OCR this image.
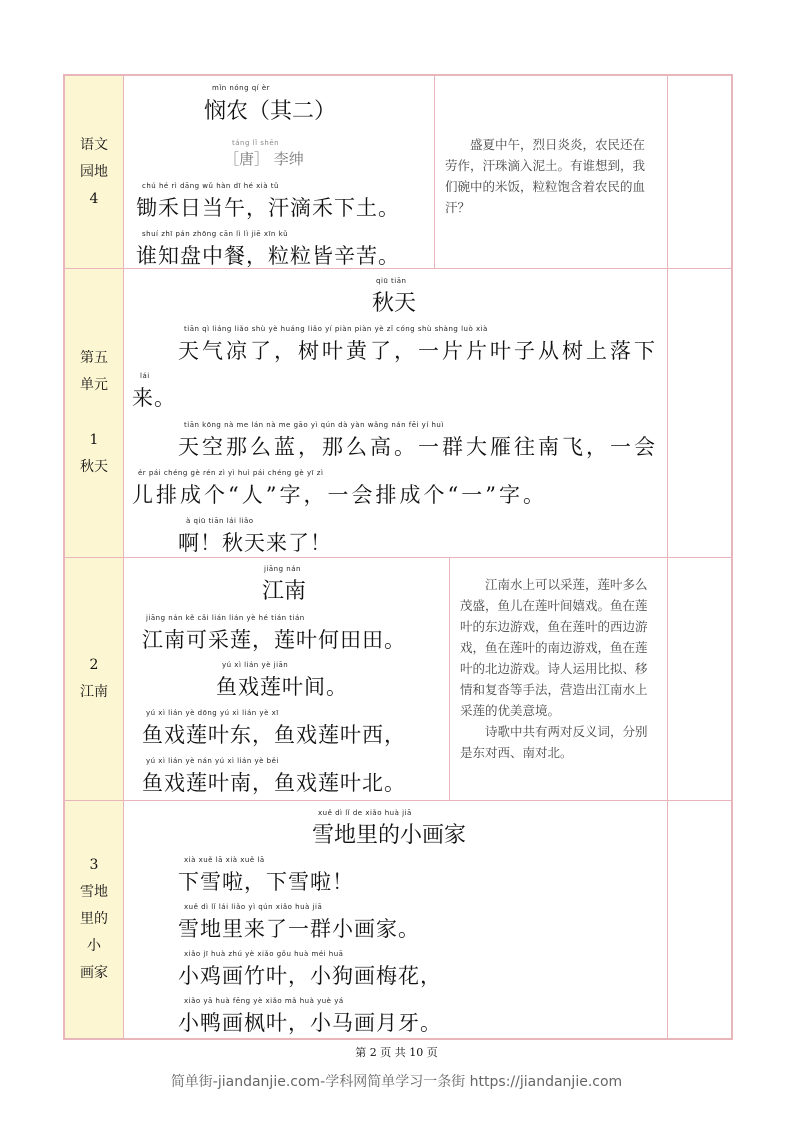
语文
园地
4
mǐn nóng qí èr
悯农（其二）
táng lǐ shēn
［唐］ 李绅
chú hé rì dāng wǔ hàn dī hé xià tǔ
锄禾日当午，汗滴禾下土。
shuí zhī pán zhōng cān lì lì jiē xīn kǔ
谁知盘中餐，粒粒皆辛苦。

盛夏中午，烈日炎炎，农民还在劳作，汗珠滴入泥土。有谁想到，我们碗中的米饭，粒粒饱含着农民的血汗？

第五
单元
1
秋天
qiū tiān
秋天
tiān qì liáng liǎo shù yè huáng liǎo yí piàn piàn yè zǐ cóng shù shàng luò xià
天气凉了，树叶黄了，一片片叶子从树上落下
lái
来。
tiān kōng nà me lán nà me gāo yì qún dà yàn wǎng nán fēi yí huì
天空那么蓝，那么高。一群大雁往南飞，一会
ér pái chéng gè rén zì yì huì pái chéng gè yī zì
儿排成个“人”字，一会排成个“一”字。
à qiū tiān lái liǎo
啊！秋天来了！
2
江南
jiāng nán
江南
jiāng nán kě cǎi lián lián yè hé tián tián
江南可采莲，莲叶何田田。
yú xì lián yè jiān
鱼戏莲叶间。
yú xì lián yè dōng yú xì lián yè xī
鱼戏莲叶东，鱼戏莲叶西，
yú xì lián yè nán yú xì lián yè běi
鱼戏莲叶南，鱼戏莲叶北。

江南水上可以采莲，莲叶多么茂盛，鱼儿在莲叶间嬉戏。鱼在莲叶的东边游戏，鱼在莲叶的西边游戏，鱼在莲叶的南边游戏，鱼在莲叶的北边游戏。诗人运用比拟、移情和复沓等手法，营造出江南水上采莲的优美意境。

诗歌中共有两对反义词，分别是东对西、南对北。

3
雪地
里的
小
画家
xuě dì lǐ de xiǎo huà jiā
雪地里的小画家
xià xuě lā xià xuě lā
下雪啦，下雪啦！
xuě dì lǐ lái liǎo yì qún xiǎo huà jiā
雪地里来了一群小画家。
xiǎo jī huà zhú yè xiǎo gǒu huà méi huā
小鸡画竹叶，小狗画梅花，
xiǎo yā huà fēng yè xiǎo mǎ huà yuè yá
小鸭画枫叶，小马画月牙。
第 2 页 共 10 页
简单街-jiandanjie.com-学科网简单学习一条街 https://jiandanjie.com
